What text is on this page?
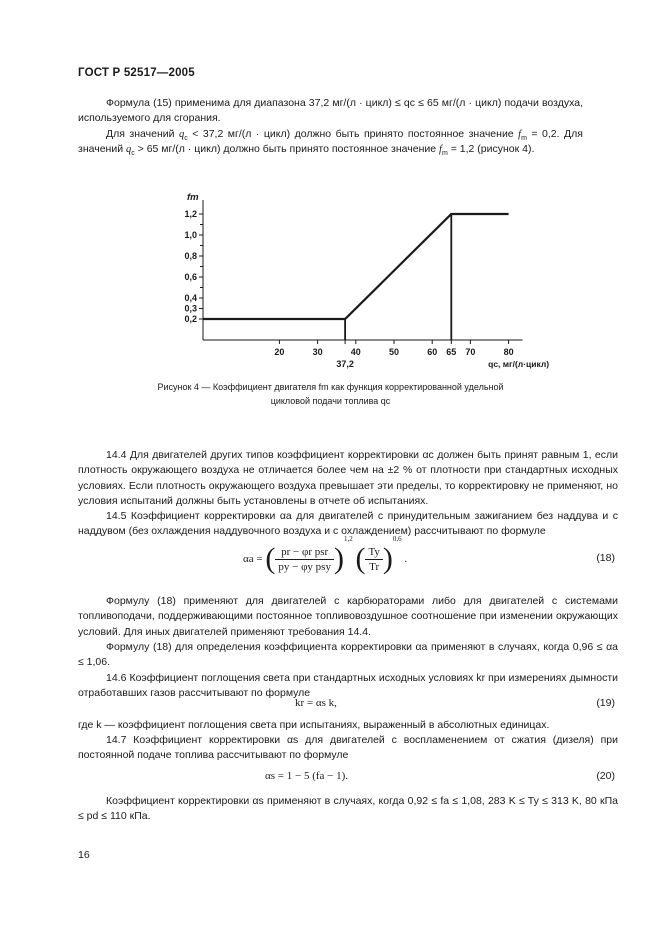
ГОСТ Р 52517—2005
Формула (15) применима для диапазона 37,2 мг/(л · цикл) ≤ qc ≤ 65 мг/(л · цикл) подачи воздуха, используемого для сгорания.
Для значений $q_c < 37,2$ мг/(л · цикл) должно быть принято постоянное значение $f_m = 0,2$. Для значений $q_c > 65$ мг/(л · цикл) должно быть принято постоянное значение $f_m = 1,2$ (рисунок 4).
0,2
0,3
0,4
0,6
0,8
1,0
1,2
20	30
37,2
40	50	60 65 70	80
fm
qc, мг/(л·цикл)
Рисунок 4 — Коэффициент двигателя fm как функция корректированной удельной
цикловой подачи топлива qc
14.4 Для двигателей других типов коэффициент корректировки αc должен быть принят равным 1, если плотность окружающего воздуха не отличается более чем на ±2 % от плотности при стандартных исходных условиях. Если плотность окружающего воздуха превышает эти пределы, то корректировку не применяют, но условия испытаний должны быть установлены в отчете об испытаниях.
14.5 Коэффициент корректировки αa для двигателей с принудительным зажиганием без наддува и с наддувом (без охлаждения наддувочного воздуха и с охлаждением) рассчитывают по формуле
αa =
( $\frac{\text{pr − φr psr}}{\text{py − φy psy}}$ )
1,2

( $\frac{Ty}{Tr}$ )
0,6

.	(18)
Формулу (18) применяют для двигателей с карбюраторами либо для двигателей с системами топливоподачи, поддерживающими постоянное топливовоздушное соотношение при изменении окружающих условий. Для иных двигателей применяют требования 14.4.
Формулу (18) для определения коэффициента корректировки αa применяют в случаях, когда 0,96 ≤ αa ≤ 1,06.
14.6 Коэффициент поглощения света при стандартных исходных условиях kr при измерениях дымности отработавших газов рассчитывают по формуле
kr = αs k,	(19)
где k — коэффициент поглощения света при испытаниях, выраженный в абсолютных единицах.
14.7 Коэффициент корректировки αs для двигателей с воспламенением от сжатия (дизеля) при постоянной подаче топлива рассчитывают по формуле
αs = 1 − 5 (fa − 1).	(20)
Коэффициент корректировки αs применяют в случаях, когда 0,92 ≤ fa ≤ 1,08, 283 K ≤ Ty ≤ 313 K, 80 кПа ≤ pd ≤ 110 кПа.
16
